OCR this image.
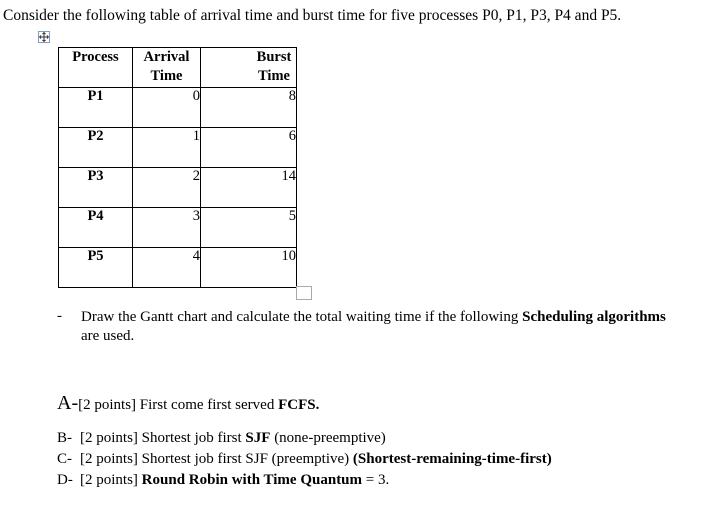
Consider the following table of arrival time and burst time for five processes P0, P1, P3, P4 and P5.
Process	Arrival Time	Burst Time
P1	0	8
P2	1	6
P3	2	14
P4	3	5
P5	4	10
- Draw the Gantt chart and calculate the total waiting time if the following Scheduling algorithms are used.
A-[2 points] First come first served FCFS.
B- [2 points] Shortest job first SJF (none-preemptive)
C- [2 points] Shortest job first SJF (preemptive) (Shortest-remaining-time-first)
D- [2 points] Round Robin with Time Quantum = 3.
